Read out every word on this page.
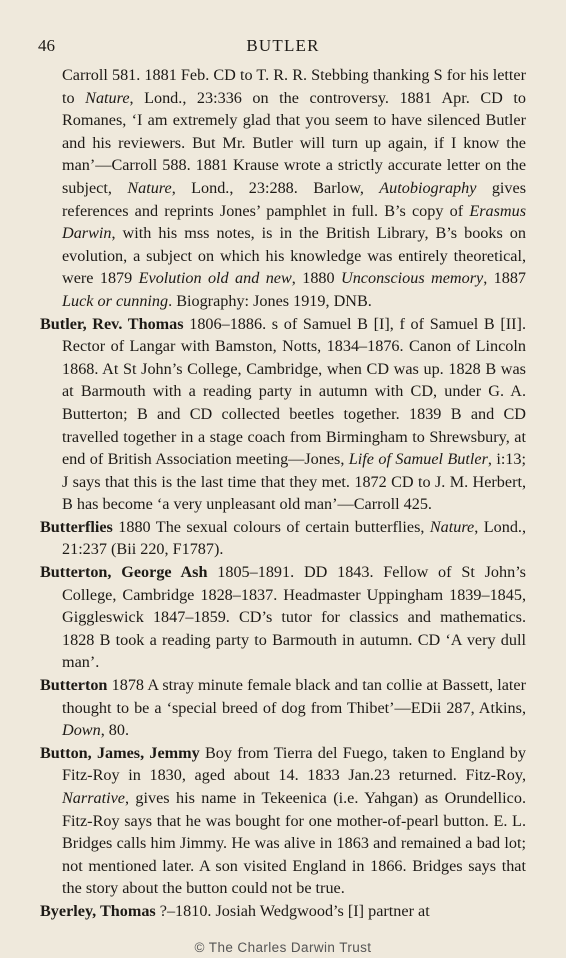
46	BUTLER

Carroll 581. 1881 Feb. CD to T. R. R. Stebbing thanking S for his letter to Nature, Lond., 23:336 on the controversy. 1881 Apr. CD to Romanes, ‘I am extremely glad that you seem to have silenced Butler and his reviewers. But Mr. Butler will turn up again, if I know the man’—Carroll 588. 1881 Krause wrote a strictly accurate letter on the subject, Nature, Lond., 23:288. Barlow, Autobiography gives references and reprints Jones’ pamphlet in full. B’s copy of Erasmus Darwin, with his mss notes, is in the British Library, B’s books on evolution, a subject on which his knowledge was entirely theoretical, were 1879 Evolution old and new, 1880 Unconscious memory, 1887 Luck or cunning. Biography: Jones 1919, DNB.

Butler, Rev. Thomas 1806–1886. s of Samuel B [I], f of Samuel B [II]. Rector of Langar with Bamston, Notts, 1834–1876. Canon of Lincoln 1868. At St John’s College, Cambridge, when CD was up. 1828 B was at Barmouth with a reading party in autumn with CD, under G. A. Butterton; B and CD collected beetles together. 1839 B and CD travelled together in a stage coach from Birmingham to Shrewsbury, at end of British Association meeting—Jones, Life of Samuel Butler, i:13; J says that this is the last time that they met. 1872 CD to J. M. Herbert, B has become ‘a very unpleasant old man’—Carroll 425.

Butterflies 1880 The sexual colours of certain butterflies, Nature, Lond., 21:237 (Bii 220, F1787).

Butterton, George Ash 1805–1891. DD 1843. Fellow of St John’s College, Cambridge 1828–1837. Headmaster Uppingham 1839–1845, Giggleswick 1847–1859. CD’s tutor for classics and mathematics. 1828 B took a reading party to Barmouth in autumn. CD ‘A very dull man’.

Butterton 1878 A stray minute female black and tan collie at Bassett, later thought to be a ‘special breed of dog from Thibet’—EDii 287, Atkins, Down, 80.

Button, James, Jemmy Boy from Tierra del Fuego, taken to England by Fitz-Roy in 1830, aged about 14. 1833 Jan.23 returned. Fitz-Roy, Narrative, gives his name in Tekeenica (i.e. Yahgan) as Orundellico. Fitz-Roy says that he was bought for one mother-of-pearl button. E. L. Bridges calls him Jimmy. He was alive in 1863 and remained a bad lot; not mentioned later. A son visited England in 1866. Bridges says that the story about the button could not be true.

Byerley, Thomas ?–1810. Josiah Wedgwood’s [I] partner at

© The Charles Darwin Trust
